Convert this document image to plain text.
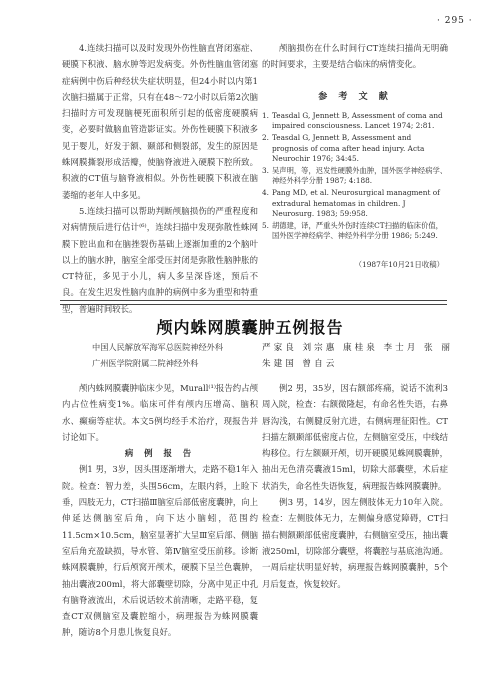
· 295 ·

4.连续扫描可以及时发现外伤性脑直肾闭塞症、硬膜下积液、脑水肿等迟发病变。外伤性脑血管闭塞症病例中伤后种经状失症状明显，但24小时以内第1次脑扫描属于正常，只有在48～72小时以后第2次脑扫描时方可发现脑梗死面积所引起的低密度硬膜病变，必要时做脑血管造影证实。外伤性硬膜下积液多见于婴儿，好发于额、颞部和侧裂部，发生的原因是蛛网膜撕裂形成活瓣，使脑脊液进入硬膜下腔所致。积液的CT值与脑脊液相似。外伤性硬膜下积液在脑萎缩的老年人中多见。

5.连续扫描可以帮助判断颅脑损伤的严重程度和对病情预后进行估计⁽⁶⁾，连续扫描中发现弥散性蛛网膜下腔出血和在脑挫裂伤基础上逐渐加重的2个脑叶以上的脑水肿，脑室全部受压封闭是弥散性脑肿胀的CT特征，多见于小儿，病人多呈深昏迷，预后不良。在发生迟发性脑内血肿的病例中多为重型和特重型，普遍时间较长。

颅脑损伤在什么时间行CT连续扫描尚无明确的时间要求，主要是结合临床的病情变化。

参 考 文 献
1. Teasdal G, Jennett B, Assessment of coma and impaired consciousness. Lancet 1974; 2:81.
2. Teasdal G, Jennett B, Assessment and prognosis of coma after head injury. Acta Neurochir 1976; 34:45.
3. 吴声明，等，迟发性硬膜外血肿，国外医学神经病学、神经外科学分册 1987; 4:188.
4. Pang MD, et al. Neurosurgical managment of extradural hematomas in children. J Neurosurg. 1983; 59:958.
5. 胡德建，译，严重头外伤时连续CT扫描的临床价值，国外医学神经病学、神经外科学分册 1986; 5:249.
（1987年10月21日收稿）
颅内蛛网膜囊肿五例报告
中国人民解放军海军总医院神经外科	严家良 刘宗惠 康桂泉 李士月 张 丽
广州医学院附属二院神经外科	朱建国 曾自云

颅内蛛网膜囊肿临床少见，Murall⁽¹⁾报告约占颅内占位性病变1%。临床可伴有颅内压增高、脑积水、癫痫等症状。本文5例均经手术治疗，现报告并讨论如下。

病 例 报 告

例1 男，3岁，因头围逐渐增大，走路不稳1年入院。检查：智力差，头围56cm，左眼内斜，上睑下垂，四肢无力，CT扫描Ⅲ脑室后部低密度囊肿，向上伸延达侧脑室后角，向下达小脑蚓，范围约11.5cm×10.5cm，脑室显著扩大呈Ⅲ室后部、侧脑室后角充盈缺损，导水管、第Ⅳ脑室受压前移。诊断蛛网膜囊肿，行后颅窝开颅术，硬膜下呈兰色囊肿，抽出囊液200ml，将大部囊壁切除，分离中见正中孔有脑脊液流出，术后说话较术前清晰，走路平稳，复查CT双侧脑室及囊腔缩小，病理报告为蛛网膜囊肿，随访8个月患儿恢复良好。

例2 男，35岁，因右额部疼痛，说话不流利3周入院，检查：右额微隆起，有命名性失语，右鼻唇沟浅，右侧腱反射亢进，右侧病理征阳性。CT扫描左额颞部低密度占位，左侧脑室受压，中线结构移位。行左额颞开颅，切开硬膜见蛛网膜囊肿，抽出无色清亮囊液15ml，切除大部囊壁，术后症状消失，命名性失语恢复，病理报告蛛网膜囊肿。

例3 男，14岁，因左侧肢体无力10年入院。检查：左侧肢体无力，左侧偏身感觉障碍，CT扫描右侧额颞部低密度囊肿，右侧脑室受压，抽出囊液250ml，切除部分囊壁，将囊腔与基底池沟通。一周后症状明显好转，病理报告蛛网膜囊肿，5个月后复查，恢复较好。
